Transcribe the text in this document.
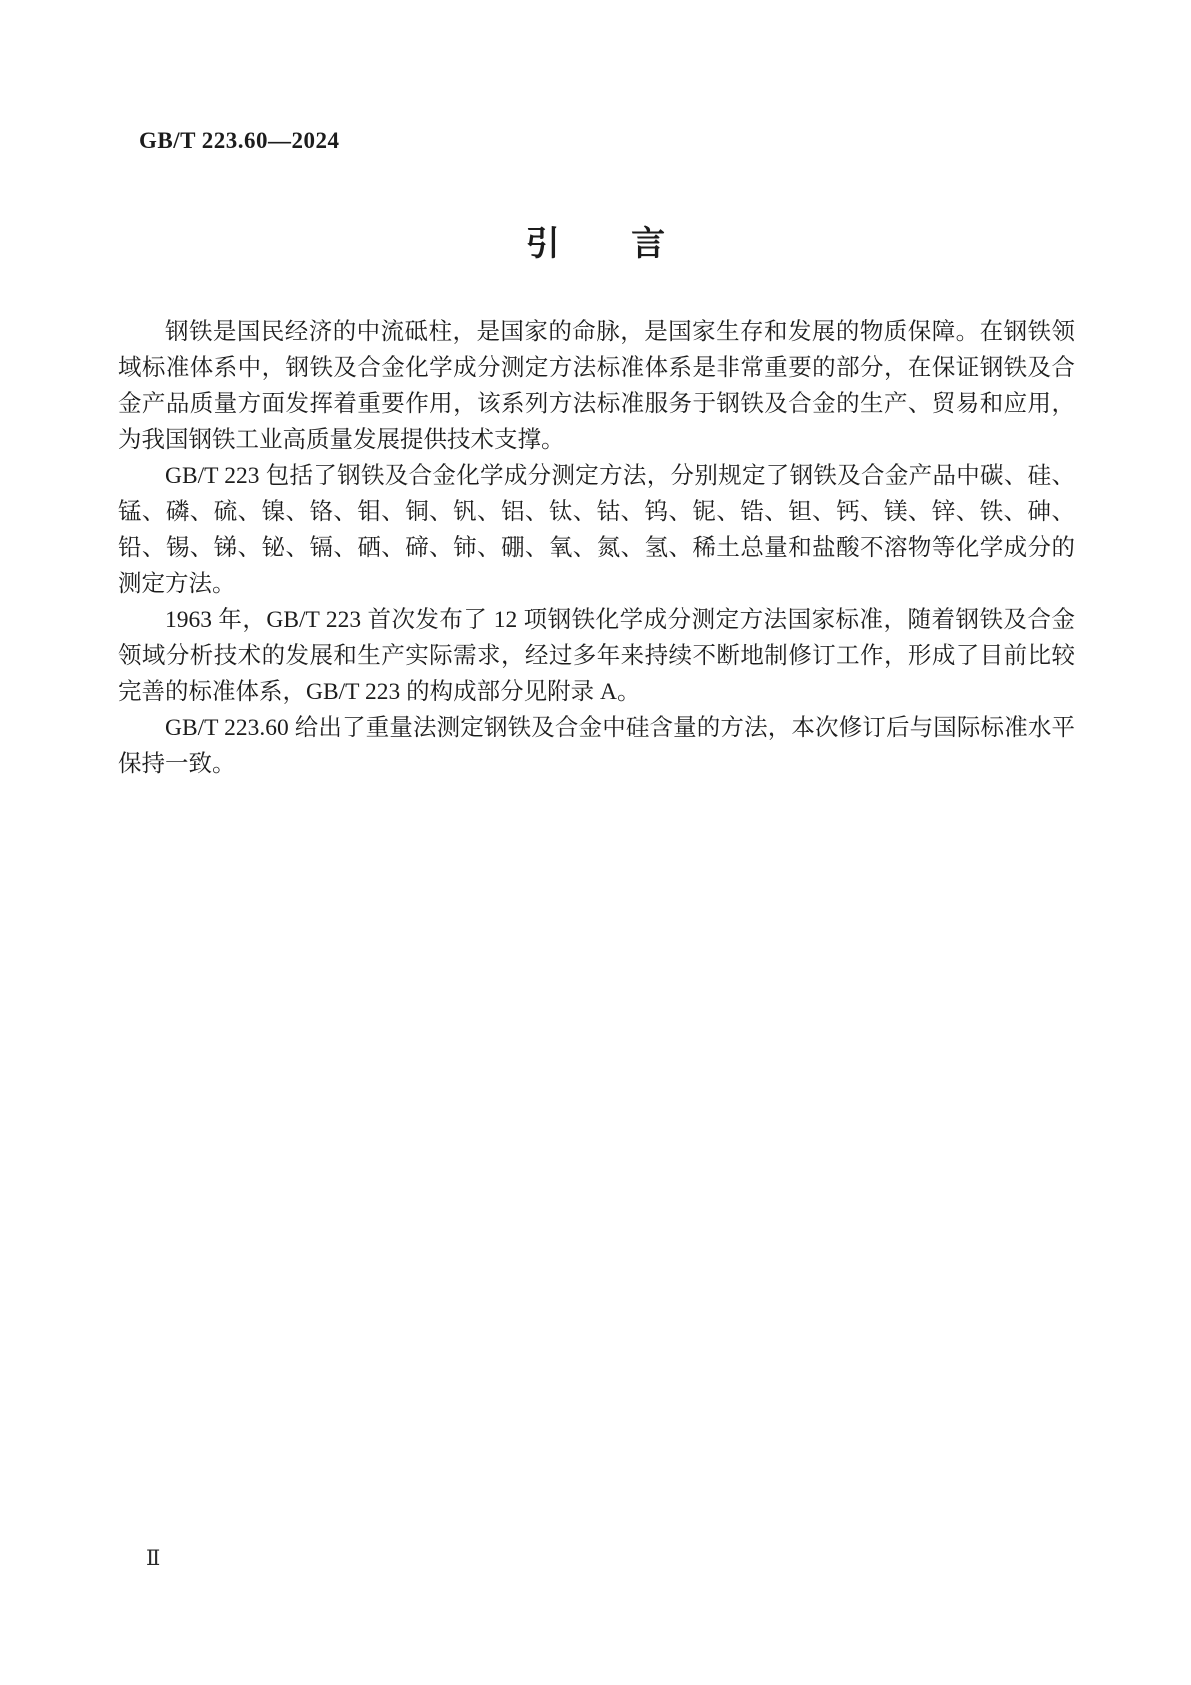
GB/T 223.60—2024
引言

钢铁是国民经济的中流砥柱，是国家的命脉，是国家生存和发展的物质保障。在钢铁领域标准体系中，钢铁及合金化学成分测定方法标准体系是非常重要的部分，在保证钢铁及合金产品质量方面发挥着重要作用，该系列方法标准服务于钢铁及合金的生产、贸易和应用，为我国钢铁工业高质量发展提供技术支撑。

GB/T 223 包括了钢铁及合金化学成分测定方法，分别规定了钢铁及合金产品中碳、硅、锰、磷、硫、镍、铬、钼、铜、钒、铝、钛、钴、钨、铌、锆、钽、钙、镁、锌、铁、砷、铅、锡、锑、铋、镉、硒、碲、铈、硼、氧、氮、氢、稀土总量和盐酸不溶物等化学成分的测定方法。

1963 年，GB/T 223 首次发布了 12 项钢铁化学成分测定方法国家标准，随着钢铁及合金领域分析技术的发展和生产实际需求，经过多年来持续不断地制修订工作，形成了目前比较完善的标准体系，GB/T 223 的构成部分见附录 A。

GB/T 223.60 给出了重量法测定钢铁及合金中硅含量的方法，本次修订后与国际标准水平保持一致。

Ⅱ
